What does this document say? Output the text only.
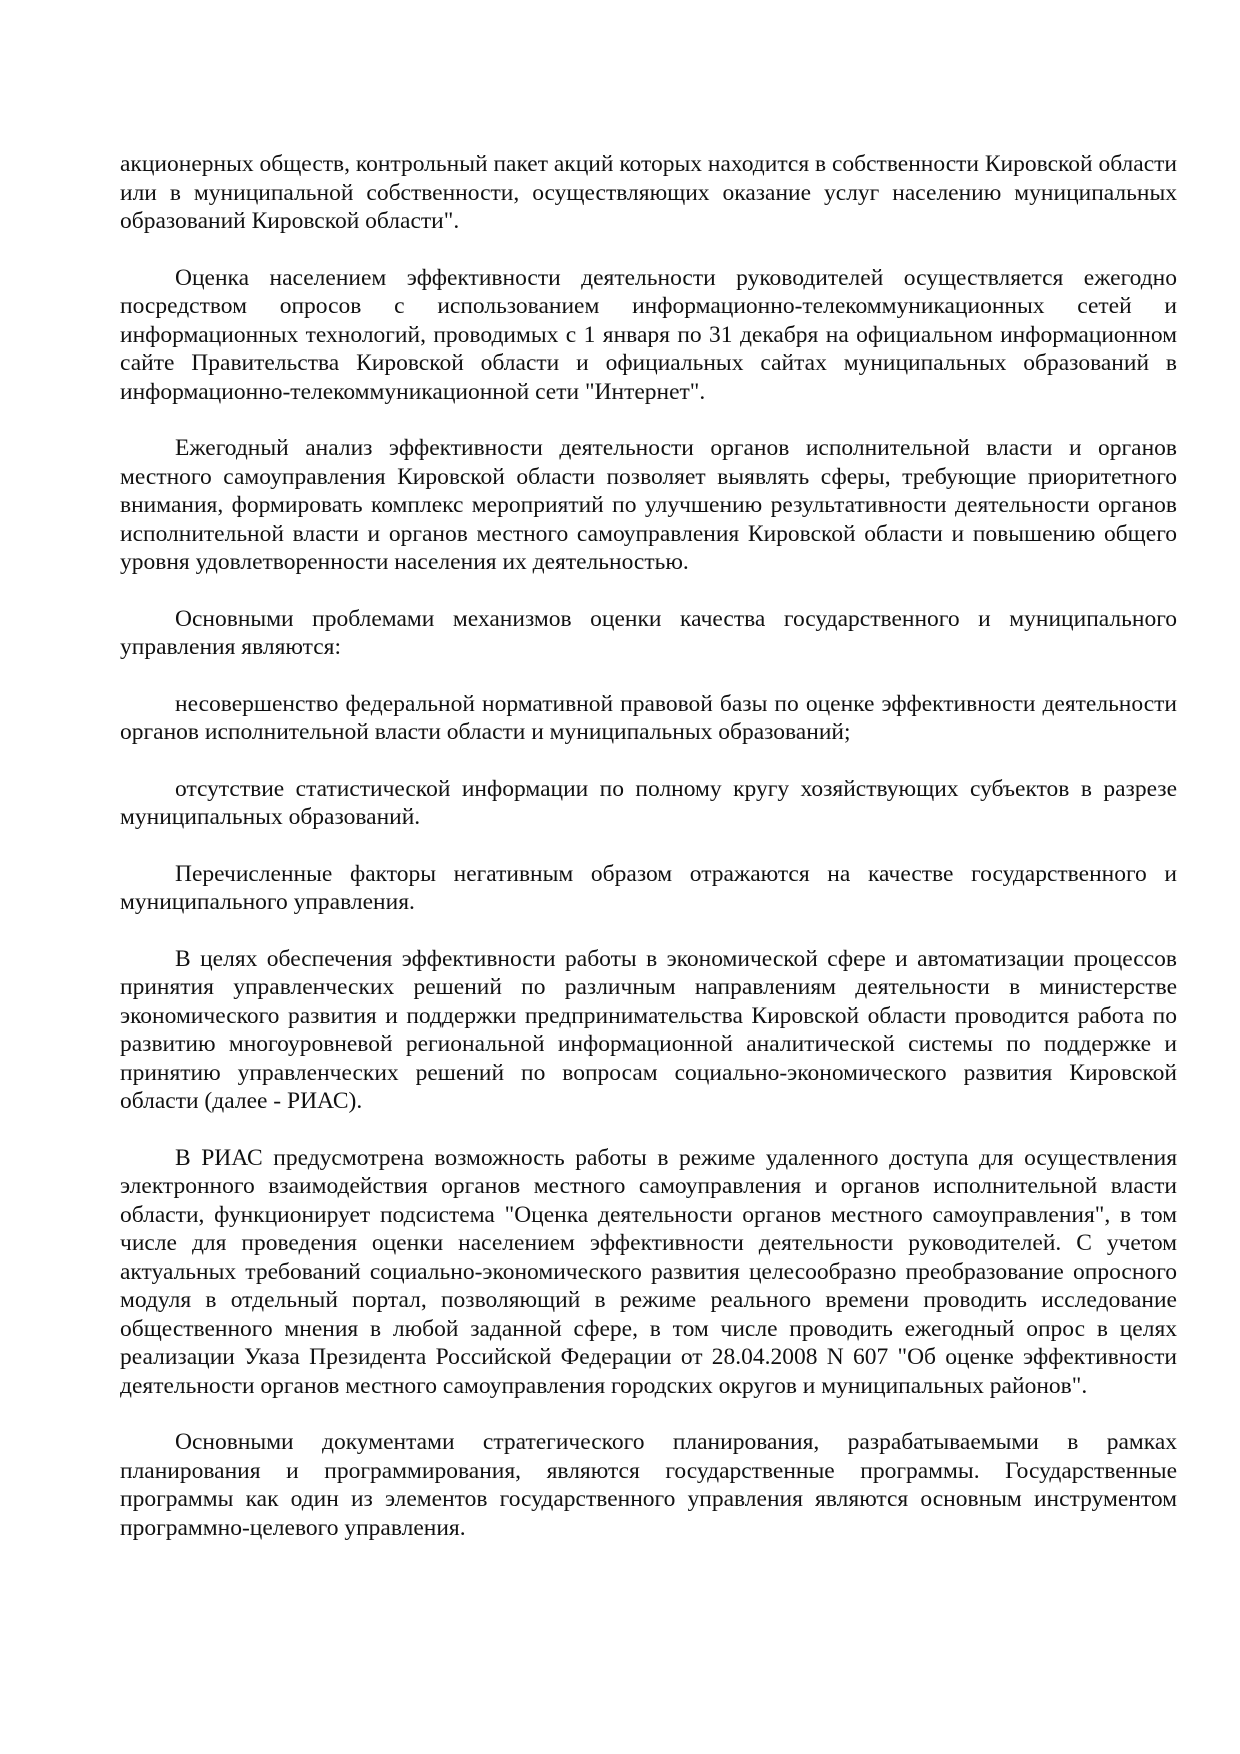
акционерных обществ, контрольный пакет акций которых находится в собственности Кировской области или в муниципальной собственности, осуществляющих оказание услуг населению муниципальных образований Кировской области".

Оценка населением эффективности деятельности руководителей осуществляется ежегодно посредством опросов с использованием информационно-телекоммуникационных сетей и информационных технологий, проводимых с 1 января по 31 декабря на официальном информационном сайте Правительства Кировской области и официальных сайтах муниципальных образований в информационно-телекоммуникационной сети "Интернет".

Ежегодный анализ эффективности деятельности органов исполнительной власти и органов местного самоуправления Кировской области позволяет выявлять сферы, требующие приоритетного внимания, формировать комплекс мероприятий по улучшению результативности деятельности органов исполнительной власти и органов местного самоуправления Кировской области и повышению общего уровня удовлетворенности населения их деятельностью.

Основными проблемами механизмов оценки качества государственного и муниципального управления являются:

несовершенство федеральной нормативной правовой базы по оценке эффективности деятельности органов исполнительной власти области и муниципальных образований;

отсутствие статистической информации по полному кругу хозяйствующих субъектов в разрезе муниципальных образований.

Перечисленные факторы негативным образом отражаются на качестве государственного и муниципального управления.

В целях обеспечения эффективности работы в экономической сфере и автоматизации процессов принятия управленческих решений по различным направлениям деятельности в министерстве экономического развития и поддержки предпринимательства Кировской области проводится работа по развитию многоуровневой региональной информационной аналитической системы по поддержке и принятию управленческих решений по вопросам социально-экономического развития Кировской области (далее - РИАС).

В РИАС предусмотрена возможность работы в режиме удаленного доступа для осуществления электронного взаимодействия органов местного самоуправления и органов исполнительной власти области, функционирует подсистема "Оценка деятельности органов местного самоуправления", в том числе для проведения оценки населением эффективности деятельности руководителей. С учетом актуальных требований социально-экономического развития целесообразно преобразование опросного модуля в отдельный портал, позволяющий в режиме реального времени проводить исследование общественного мнения в любой заданной сфере, в том числе проводить ежегодный опрос в целях реализации Указа Президента Российской Федерации от 28.04.2008 N 607 "Об оценке эффективности деятельности органов местного самоуправления городских округов и муниципальных районов".

Основными документами стратегического планирования, разрабатываемыми в рамках планирования и программирования, являются государственные программы. Государственные программы как один из элементов государственного управления являются основным инструментом программно-целевого управления.
